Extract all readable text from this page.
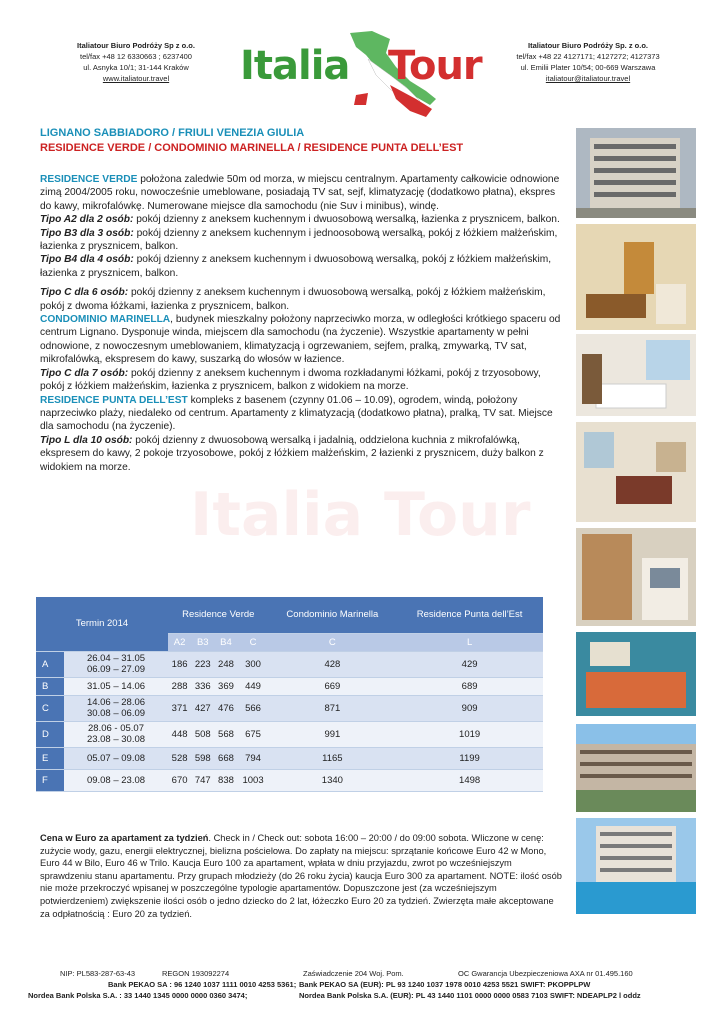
Italiatour Biuro Podróży Sp z o.o.
tel/fax +48 12 6330663 ; 6237400
ul. Asnyka 10/1; 31-144 Kraków
www.italiatour.travel	Italia Tour	Italiatour Biuro Podróży Sp. z o.o.
tel/fax +48 22 4127171; 4127272; 4127373
ul. Emilii Plater 10/54; 00-669 Warszawa
italiatour@italiatour.travel
Italia Tour
LIGNANO SABBIADORO / FRIULI VENEZIA GIULIA
RESIDENCE VERDE / CONDOMINIO MARINELLA / RESIDENCE PUNTA DELL’EST

RESIDENCE VERDE położona zaledwie 50m od morza, w miejscu centralnym. Apartamenty całkowicie odnowione zimą 2004/2005 roku, nowocześnie umeblowane, posiadają TV sat, sejf, klimatyzację (dodatkowo płatna), ekspres do kawy, mikrofalówkę. Numerowane miejsce dla samochodu (nie Suv i minibus), windę.

Tipo A2 dla 2 osób: pokój dzienny z aneksem kuchennym i dwuosobową wersalką, łazienka z prysznicem, balkon.

Tipo B3 dla 3 osób: pokój dzienny z aneksem kuchennym i jednoosobową wersalką, pokój z łóżkiem małżeńskim, łazienka z prysznicem, balkon.

Tipo B4 dla 4 osób: pokój dzienny z aneksem kuchennym i dwuosobową wersalką, pokój z łóżkiem małżeńskim, łazienka z prysznicem, balkon.

Tipo C dla 6 osób: pokój dzienny z aneksem kuchennym i dwuosobową wersalką, pokój z łóżkiem małżeńskim, pokój z dwoma łóżkami, łazienka z prysznicem, balkon.

CONDOMINIO MARINELLA, budynek mieszkalny położony naprzeciwko morza, w odległości krótkiego spaceru od centrum Lignano. Dysponuje winda, miejscem dla samochodu (na życzenie). Wszystkie apartamenty w pełni odnowione, z nowoczesnym umeblowaniem, klimatyzacją i ogrzewaniem, sejfem, pralką, zmywarką, TV sat, mikrofalówką, ekspresem do kawy, suszarką do włosów w łazience.

Tipo C dla 7 osób: pokój dzienny z aneksem kuchennym i dwoma rozkładanymi łóżkami, pokój z trzyosobowy, pokój z łóżkiem małżeńskim, łazienka z prysznicem, balkon z widokiem na morze.

RESIDENCE PUNTA DELL’EST kompleks z basenem (czynny 01.06 – 10.09), ogrodem, windą, położony naprzeciwko plaży, niedaleko od centrum. Apartamenty z klimatyzacją (dodatkowo płatna), pralką, TV sat. Miejsce dla samochodu (na życzenie).

Tipo L dla 10 osób: pokój dzienny z dwuosobową wersalką i jadalnią, oddzielona kuchnia z mikrofalówką, ekspresem do kawy, 2 pokoje trzyosobowe, pokój z łóżkiem małżeńskim, 2 łazienki z prysznicem, duży balkon z widokiem na morze.

Termin 2014		Residence Verde				Condominio Marinella	Residence Punta dell’Est
		A2	B3	B4	C	C	L
A	26.04 – 31.05
06.09 – 27.09	186	223	248	300	428	429
B	31.05 – 14.06	288	336	369	449	669	689
C	14.06 – 28.06
30.08 – 06.09	371	427	476	566	871	909
D	28.06 - 05.07
23.08 – 30.08	448	508	568	675	991	1019
E	05.07 – 09.08	528	598	668	794	1165	1199
F	09.08 – 23.08	670	747	838	1003	1340	1498
Cena w Euro za apartament za tydzień. Check in / Check out: sobota 16:00 – 20:00 / do 09:00 sobota. Wliczone w cenę: zużycie wody, gazu, energii elektrycznej, bielizna pościelowa. Do zapłaty na miejscu: sprzątanie końcowe Euro 42 w Mono, Euro 44 w Bilo, Euro 46 w Trilo. Kaucja Euro 100 za apartament, wpłata w dniu przyjazdu, zwrot po wcześniejszym sprawdzeniu stanu apartamentu. Przy grupach młodzieży (do 26 roku życia) kaucja Euro 300 za apartament. NOTE: ilość osób nie może przekroczyć wpisanej w poszczególne typologie apartamentów. Dopuszczone jest (za wcześniejszym potwierdzeniem) zwiększenie ilości osób o jedno dziecko do 2 lat, łóżeczko Euro 20 za tydzień. Zwierzęta małe akceptowane za odpłatnością : Euro 20 za tydzień.
NIP: PL583-287-63-43	REGON 193092274	Zaświadczenie 204 Woj. Pom.	OC Gwarancja Ubezpieczeniowa AXA nr 01.495.160
Bank PEKAO SA : 96 1240 1037 1111 0010 4253 5361; Bank PEKAO SA (EUR): PL 93 1240 1037 1978 0010 4253 5521 SWIFT: PKOPPLPW
Nordea Bank Polska S.A. : 33 1440 1345 0000 0000 0360 3474;	Nordea Bank Polska S.A. (EUR): PL 43 1440 1101 0000 0000 0583 7103 SWIFT: NDEAPLP2 l oddz
